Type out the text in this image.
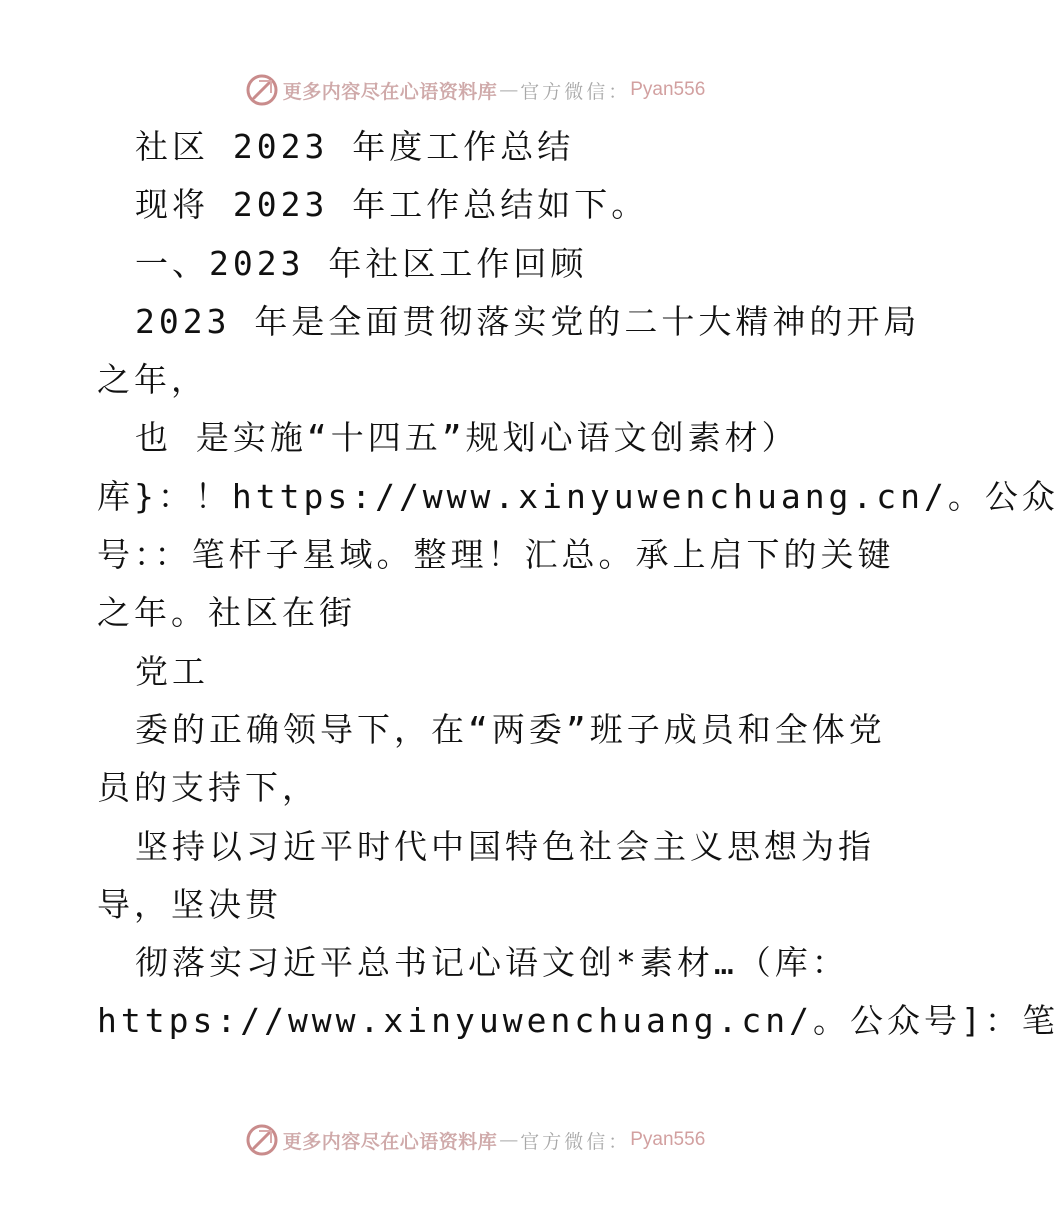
更多内容尽在心语资料库 — 官方微信： Pyan556
社区 2023 年度工作总结
现将 2023 年工作总结如下。
一、2023 年社区工作回顾
2023 年是全面贯彻落实党的二十大精神的开局
之年，
也 是实施“十四五”规划心语文创素材）
库}：！https://www.xinyuwenchuang.cn/。公众
号：：笔杆子星域。整理！汇总。承上启下的关键
之年。社区在街
党工
委的正确领导下，在“两委”班子成员和全体党
员的支持下，
坚持以习近平时代中国特色社会主义思想为指
导，坚决贯
彻落实习近平总书记心语文创*素材…（库：
https://www.xinyuwenchuang.cn/。公众号]：笔
更多内容尽在心语资料库 — 官方微信： Pyan556
